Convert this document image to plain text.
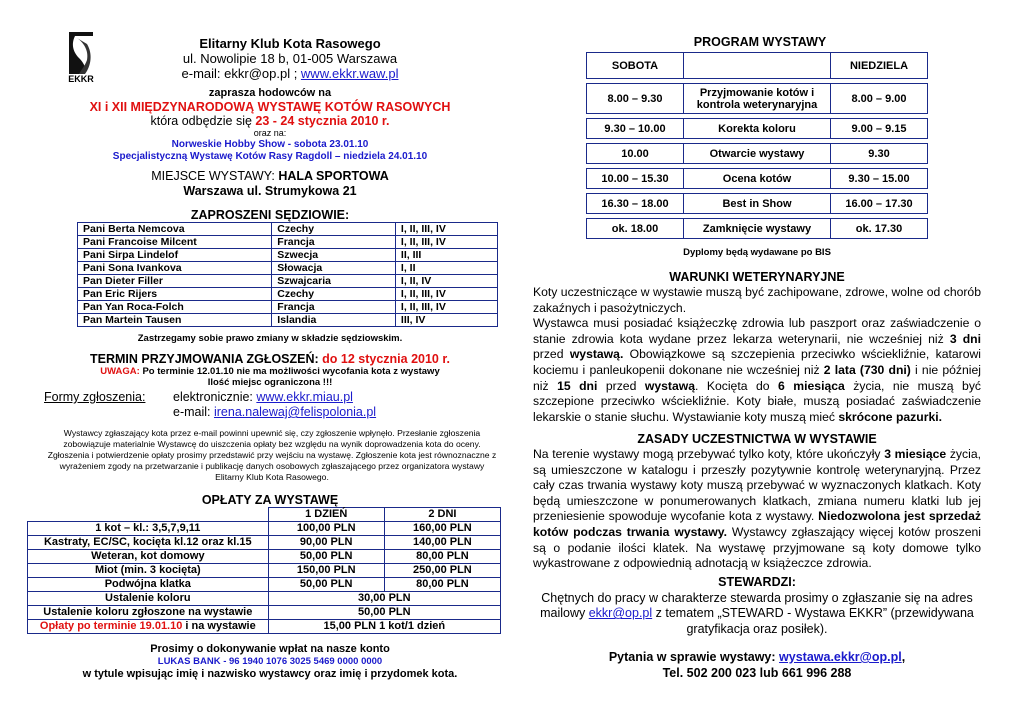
EKKR
Elitarny Klub Kota Rasowego
ul. Nowolipie 18 b, 01-005 Warszawa
e-mail: ekkr@op.pl ; www.ekkr.waw.pl
zaprasza hodowców na
XI i XII MIĘDZYNARODOWĄ WYSTAWĘ KOTÓW RASOWYCH
która odbędzie się 23 - 24 stycznia 2010 r.
oraz na:
Norweskie Hobby Show - sobota 23.01.10
Specjalistyczną Wystawę Kotów Rasy Ragdoll – niedziela 24.01.10
MIEJSCE WYSTAWY: HALA SPORTOWA
Warszawa ul. Strumykowa 21
ZAPROSZENI SĘDZIOWIE:
Pani Berta Nemcova	Czechy	I, II, III, IV
Pani Francoise Milcent	Francja	I, II, III, IV
Pani Sirpa Lindelof	Szwecja	II, III
Pani Sona Ivankova	Słowacja	I, II
Pan Dieter Filler	Szwajcaria	I, II, IV
Pan Eric Rijers	Czechy	I, II, III, IV
Pan Yan Roca-Folch	Francja	I, II, III, IV
Pan Martein Tausen	Islandia	III, IV
Zastrzegamy sobie prawo zmiany w składzie sędziowskim.
TERMIN PRZYJMOWANIA ZGŁOSZEŃ: do 12 stycznia 2010 r.
UWAGA: Po terminie 12.01.10 nie ma możliwości wycofania kota z wystawy
Ilość miejsc ograniczona !!!
Formy zgłoszenia: elektronicznie: www.ekkr.miau.pl
e-mail: irena.nalewaj@felispolonia.pl
Wystawcy zgłaszający kota przez e-mail powinni upewnić się, czy zgłoszenie wpłynęło. Przesłanie zgłoszenia zobowiązuje materialnie Wystawcę do uiszczenia opłaty bez względu na wynik doprowadzenia kota do oceny. Zgłoszenia i potwierdzenie opłaty prosimy przedstawić przy wejściu na wystawę. Zgłoszenie kota jest równoznaczne z wyrażeniem zgody na przetwarzanie i publikację danych osobowych zgłaszającego przez organizatora wystawy Elitarny Klub Kota Rasowego.
OPŁATY ZA WYSTAWĘ
	1 DZIEŃ	2 DNI
1 kot – kl.: 3,5,7,9,11	100,00 PLN	160,00 PLN
Kastraty, EC/SC, kocięta kl.12 oraz kl.15	90,00 PLN	140,00 PLN
Weteran, kot domowy	50,00 PLN	80,00 PLN
Miot (min. 3 kocięta)	150,00 PLN	250,00 PLN
Podwójna klatka	50,00 PLN	80,00 PLN
Ustalenie koloru	30,00 PLN	
Ustalenie koloru zgłoszone na wystawie	50,00 PLN	
Opłaty po terminie 19.01.10 i na wystawie	15,00 PLN 1 kot/1 dzień	
Prosimy o dokonywanie wpłat na nasze konto
LUKAS BANK - 96 1940 1076 3025 5469 0000 0000
w tytule wpisując imię i nazwisko wystawcy oraz imię i przydomek kota.
PROGRAM WYSTAWY
SOBOTA		NIEDZIELA

8.00 – 9.30	Przyjmowanie kotów i kontrola weterynaryjna	8.00 – 9.00

9.30 – 10.00	Korekta koloru	9.00 – 9.15

10.00	Otwarcie wystawy	9.30

10.00 – 15.30	Ocena kotów	9.30 – 15.00

16.30 – 18.00	Best in Show	16.00 – 17.30

ok. 18.00	Zamknięcie wystawy	ok. 17.30
Dyplomy będą wydawane po BIS
WARUNKI WETERYNARYJNE
Koty uczestniczące w wystawie muszą być zachipowane, zdrowe, wolne od chorób zakaźnych i pasożytniczych.
Wystawca musi posiadać książeczkę zdrowia lub paszport oraz zaświadczenie o stanie zdrowia kota wydane przez lekarza weterynarii, nie wcześniej niż 3 dni przed wystawą. Obowiązkowe są szczepienia przeciwko wściekliźnie, katarowi kociemu i panleukopenii dokonane nie wcześniej niż 2 lata (730 dni) i nie później niż 15 dni przed wystawą. Kocięta do 6 miesiąca życia, nie muszą być szczepione przeciwko wściekliźnie. Koty białe, muszą posiadać zaświadczenie lekarskie o stanie słuchu. Wystawianie koty muszą mieć skrócone pazurki.
ZASADY UCZESTNICTWA W WYSTAWIE
Na terenie wystawy mogą przebywać tylko koty, które ukończyły 3 miesiące życia, są umieszczone w katalogu i przeszły pozytywnie kontrolę weterynaryjną. Przez cały czas trwania wystawy koty muszą przebywać w wyznaczonych klatkach. Koty będą umieszczone w ponumerowanych klatkach, zmiana numeru klatki lub jej przeniesienie spowoduje wycofanie kota z wystawy. Niedozwolona jest sprzedaż kotów podczas trwania wystawy. Wystawcy zgłaszający więcej kotów proszeni są o podanie ilości klatek. Na wystawę przyjmowane są koty domowe tylko wykastrowane z odpowiednią adnotacją w książeczce zdrowia.
STEWARDZI:
Chętnych do pracy w charakterze stewarda prosimy o zgłaszanie się na adres
mailowy ekkr@op.pl z tematem „STEWARD - Wystawa EKKR” (przewidywana
gratyfikacja oraz posiłek).
Pytania w sprawie wystawy: wystawa.ekkr@op.pl,
Tel. 502 200 023 lub 661 996 288
